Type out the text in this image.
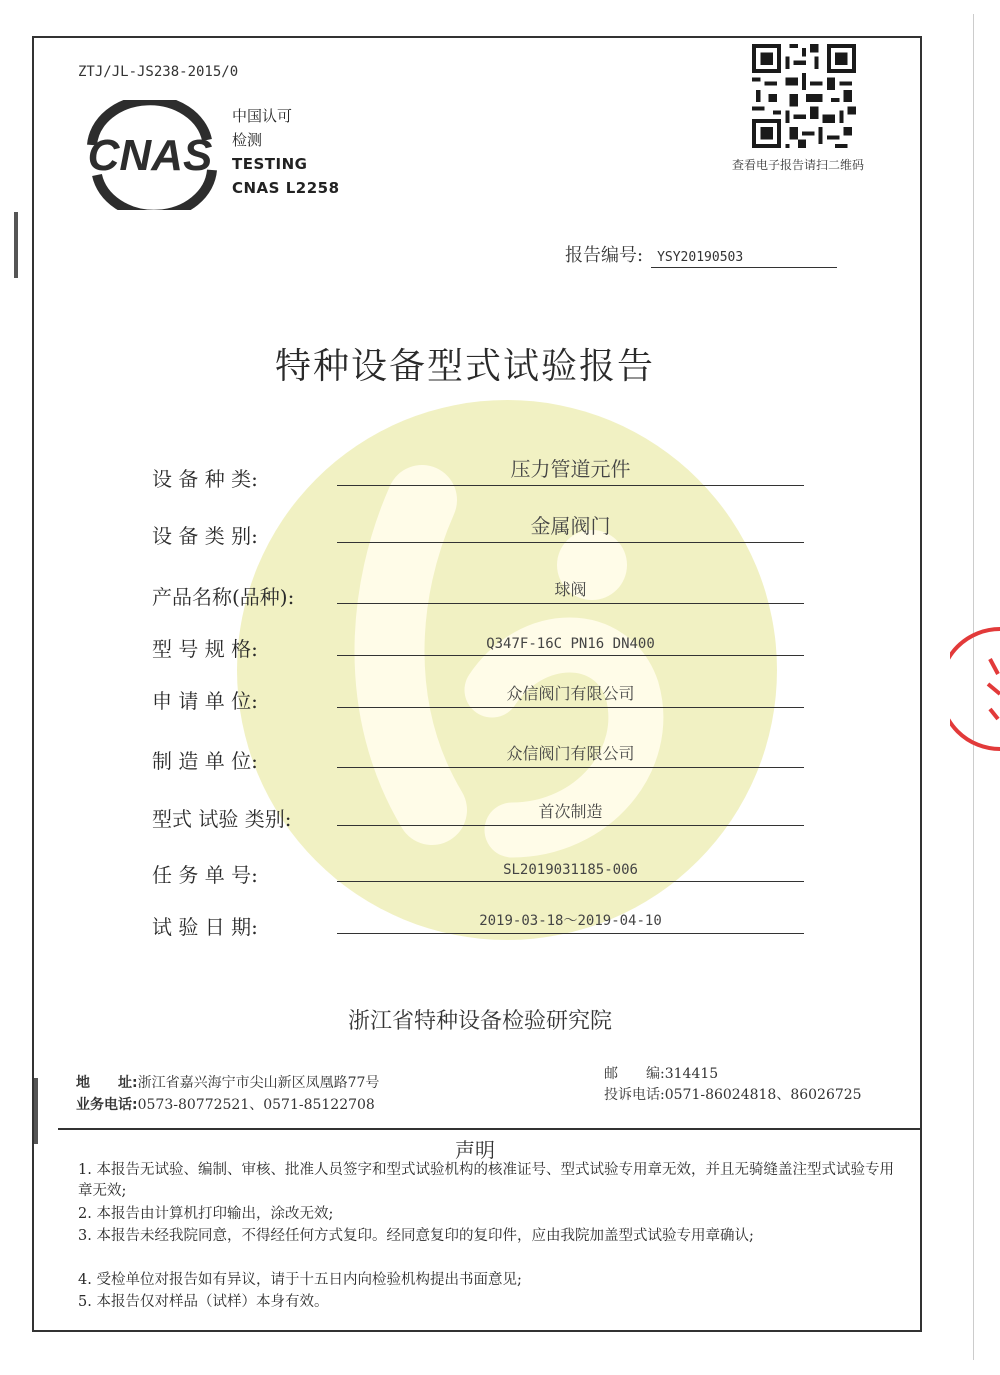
ZTJ/JL-JS238-2015/0
CNAS
中国认可
检测
TESTING
CNAS L2258
查看电子报告请扫二维码
报告编号: YSY20190503
特种设备型式试验报告
设 备 种 类:	压力管道元件
设 备 类 别:	金属阀门
产品名称(品种):	球阀
型 号 规 格:	Q347F-16C PN16 DN400
申 请 单 位:	众信阀门有限公司
制 造 单 位:	众信阀门有限公司
型式 试验 类别:	首次制造
任 务 单 号:	SL2019031185-006
试 验 日 期:	2019-03-18～2019-04-10
浙江省特种设备检验研究院
地　　址:浙江省嘉兴海宁市尖山新区凤凰路77号
业务电话:0573-80772521、0571-85122708
邮　　编:314415
投诉电话:0571-86024818、86026725
声明
1. 本报告无试验、编制、审核、批准人员签字和型式试验机构的核准证号、型式试验专用章无效，并且无骑缝盖注型式试验专用章无效;
2. 本报告由计算机打印输出，涂改无效;
3. 本报告未经我院同意，不得经任何方式复印。经同意复印的复印件，应由我院加盖型式试验专用章确认;
4. 受检单位对报告如有异议，请于十五日内向检验机构提出书面意见;
5. 本报告仅对样品（试样）本身有效。
